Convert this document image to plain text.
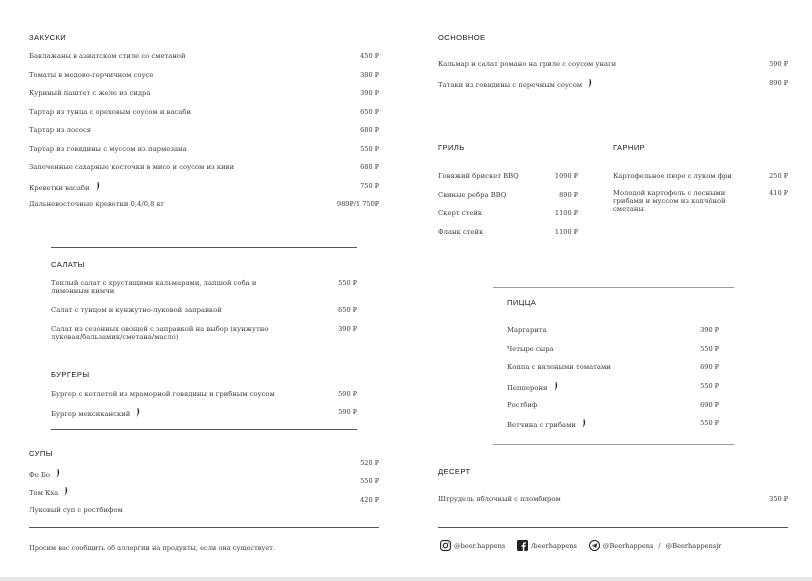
ЗАКУСКИ
Баклажаны в азиатском стиле со сметаной	450 ₽
Томаты в медово-горчичном соусе	380 ₽
Куриный паштет с желе из сидра	390 ₽
Тартар из тунца с ореховым соусом и васаби	650 ₽
Тартар из лосося	680 ₽
Тартар из говядины с муссом из пармезана	550 ₽
Запеченные сахарные косточки в мисо и соусом из киви	680 ₽
Креветки васаби	750 ₽
Дальневосточные креветки 0,4/0,8 кг	980₽/1 750₽
САЛАТЫ
Теплый салат с хрустящими кальмарами, лапшой соба и лимонным кимчи
550 ₽
Салат с тунцом и кунжутно-луковой заправкой	650 ₽
Салат из сезонных овощей с заправкой на выбор (кунжутно луковая/бальзамик/сметана/масло)
390 ₽
БУРГЕРЫ
Бургер с котлетой из мраморной говядины и грибным соусом	590 ₽
Бургер мексиканский	590 ₽
СУПЫ
Фо Бо
520 ₽
Том Кха
550 ₽
Луковый суп с ростбифом
420 ₽
Просим вас сообщить об аллергии на продукты, если она существует.
ОСНОВНОЕ
Кальмар и салат романо на гриле с соусом унаги	590 ₽
Татаки из говядины с перечным соусом	890 ₽
ГРИЛЬ
Говяжий брискет BBQ	1090 ₽
Свиные ребра BBQ	890 ₽
Скерт стейк	1100 ₽
Фланк стейк	1100 ₽
ГАРНИР
Картофельное пюре с луком фри	250 ₽
Молодой картофель с лесными грибами и муссом из копчёной сметаны
410 ₽
ПИЦЦА
Маргарита	390 ₽
Четыре сыра	550 ₽
Коппа с вялеными томатами	690 ₽
Пепперони	550 ₽
Ростбиф	690 ₽
Ветчина с грибами	550 ₽
ДЕСЕРТ
Штрудель яблочный с пломбиром	350 ₽
@beer.happens	/beerhappens	@Beerhappens / @Beerhappensjr
